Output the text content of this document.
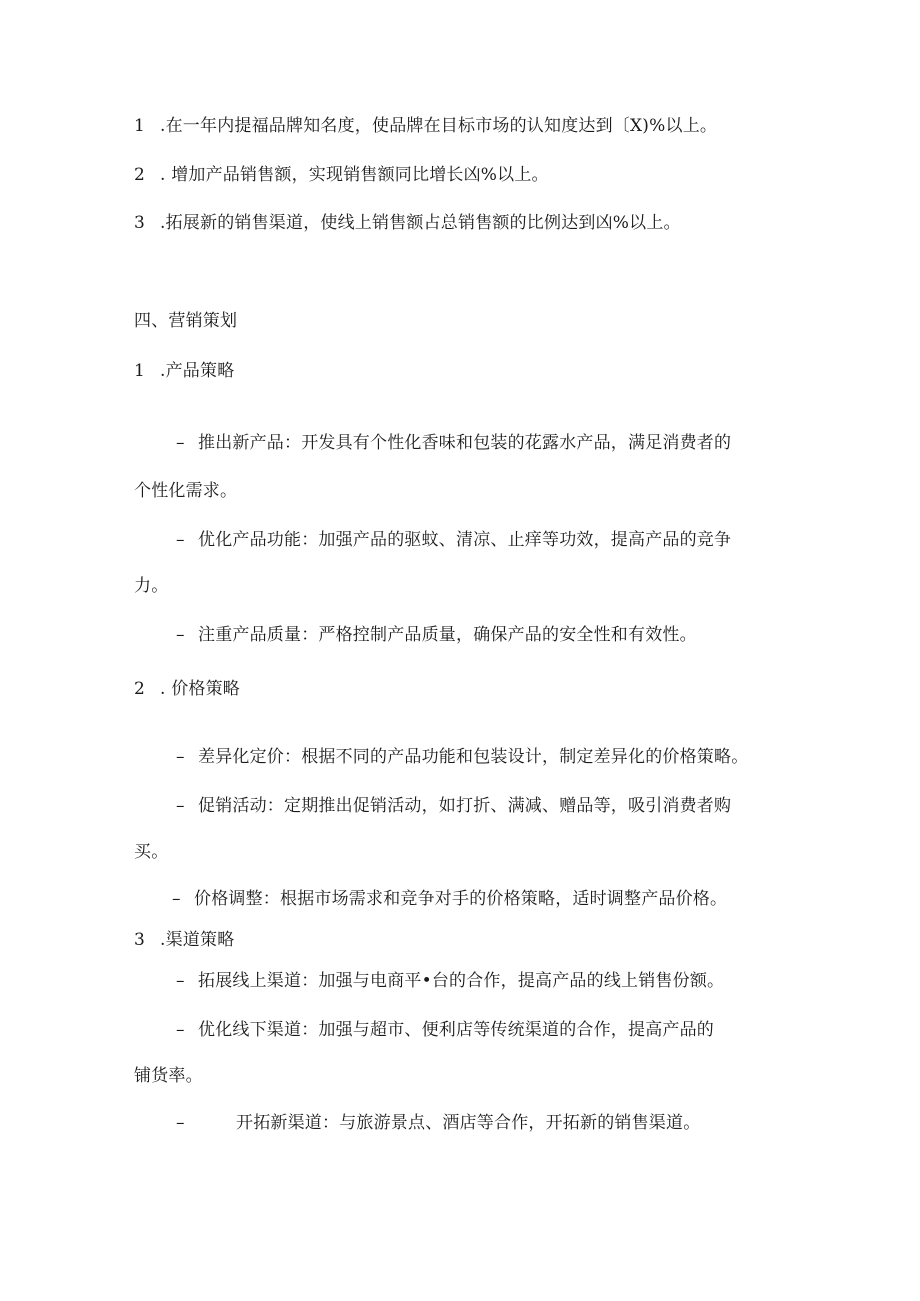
1 .在一年内提福品牌知名度，使品牌在目标市场的认知度达到〔X)%以上。
2 . 增加产品销售额，实现销售额同比增长凶%以上。
3 .拓展新的销售渠道，使线上销售额占总销售额的比例达到凶%以上。
四、营销策划
1 .产品策略
– 推出新产品：开发具有个性化香味和包装的花露水产品，满足消费者的
个性化需求。
– 优化产品功能：加强产品的驱蚊、清凉、止痒等功效，提高产品的竞争
力。
– 注重产品质量：严格控制产品质量，确保产品的安全性和有效性。
2 . 价格策略
– 差异化定价：根据不同的产品功能和包装设计，制定差异化的价格策略。
– 促销活动：定期推出促销活动，如打折、满减、赠品等，吸引消费者购
买。
– 价格调整：根据市场需求和竞争对手的价格策略，适时调整产品价格。
3 .渠道策略
– 拓展线上渠道：加强与电商平•台的合作，提高产品的线上销售份额。
– 优化线下渠道：加强与超市、便利店等传统渠道的合作，提高产品的
铺货率。
–	开拓新渠道：与旅游景点、酒店等合作，开拓新的销售渠道。
